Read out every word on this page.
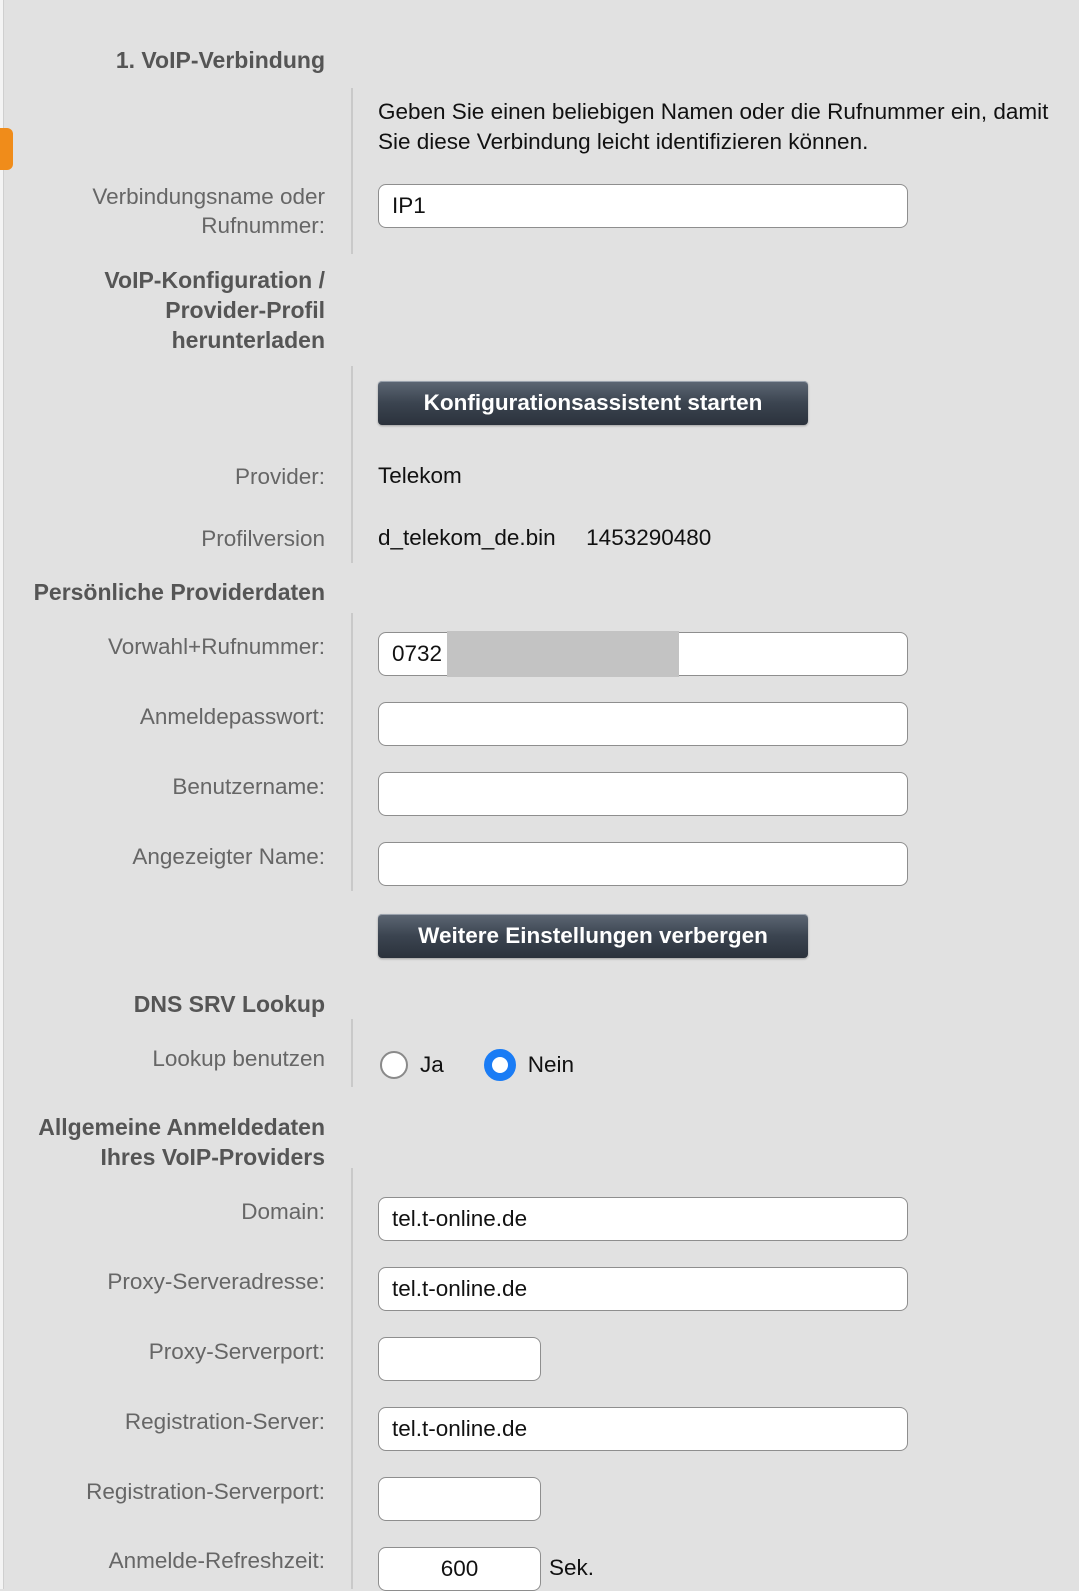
1. VoIP-Verbindung
Geben Sie einen beliebigen Namen oder die Rufnummer ein, damit Sie diese Verbindung leicht identifizieren können.
Verbindungsname oder
Rufnummer:
IP1
VoIP-Konfiguration /
Provider-Profil
herunterladen
Konfigurationsassistent starten
Provider: Telekom
Profilversion d_telekom_de.bin 1453290480
Persönliche Providerdaten
Vorwahl+Rufnummer:
0732
Anmeldepasswort:
Benutzername:
Angezeigter Name:
Weitere Einstellungen verbergen
DNS SRV Lookup
Lookup benutzen	Ja	Nein
Allgemeine Anmeldedaten
Ihres VoIP-Providers
Domain:
tel.t-online.de
Proxy-Serveradresse:
tel.t-online.de
Proxy-Serverport:
Registration-Server:
tel.t-online.de
Registration-Serverport:
Anmelde-Refreshzeit:
600	Sek.
